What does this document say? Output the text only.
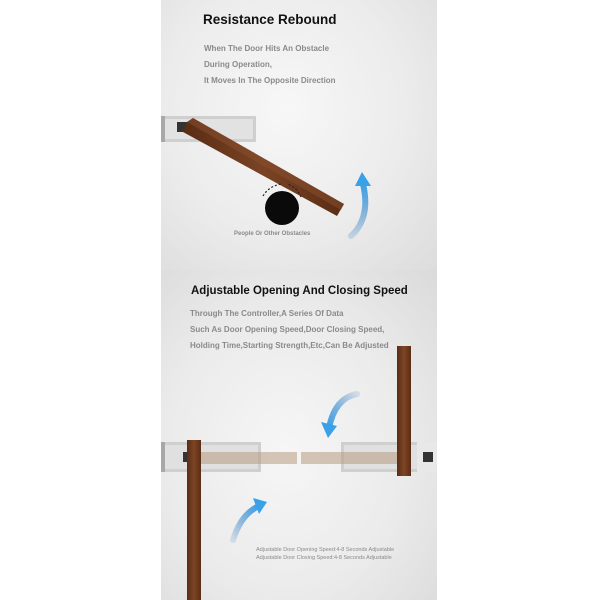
Resistance Rebound
When The Door Hits An Obstacle
During Operation,
It Moves In The Opposite Direction
People Or Other Obstacles
Adjustable Opening And Closing Speed
Through The Controller,A Series Of Data
Such As Door Opening Speed,Door Closing Speed,
Holding Time,Starting Strength,Etc,Can Be Adjusted
Adjustable Door Opening Speed:4-8 Seconds Adjustable
Adjustable Door Closing Speed:4-8 Seconds Adjustable
